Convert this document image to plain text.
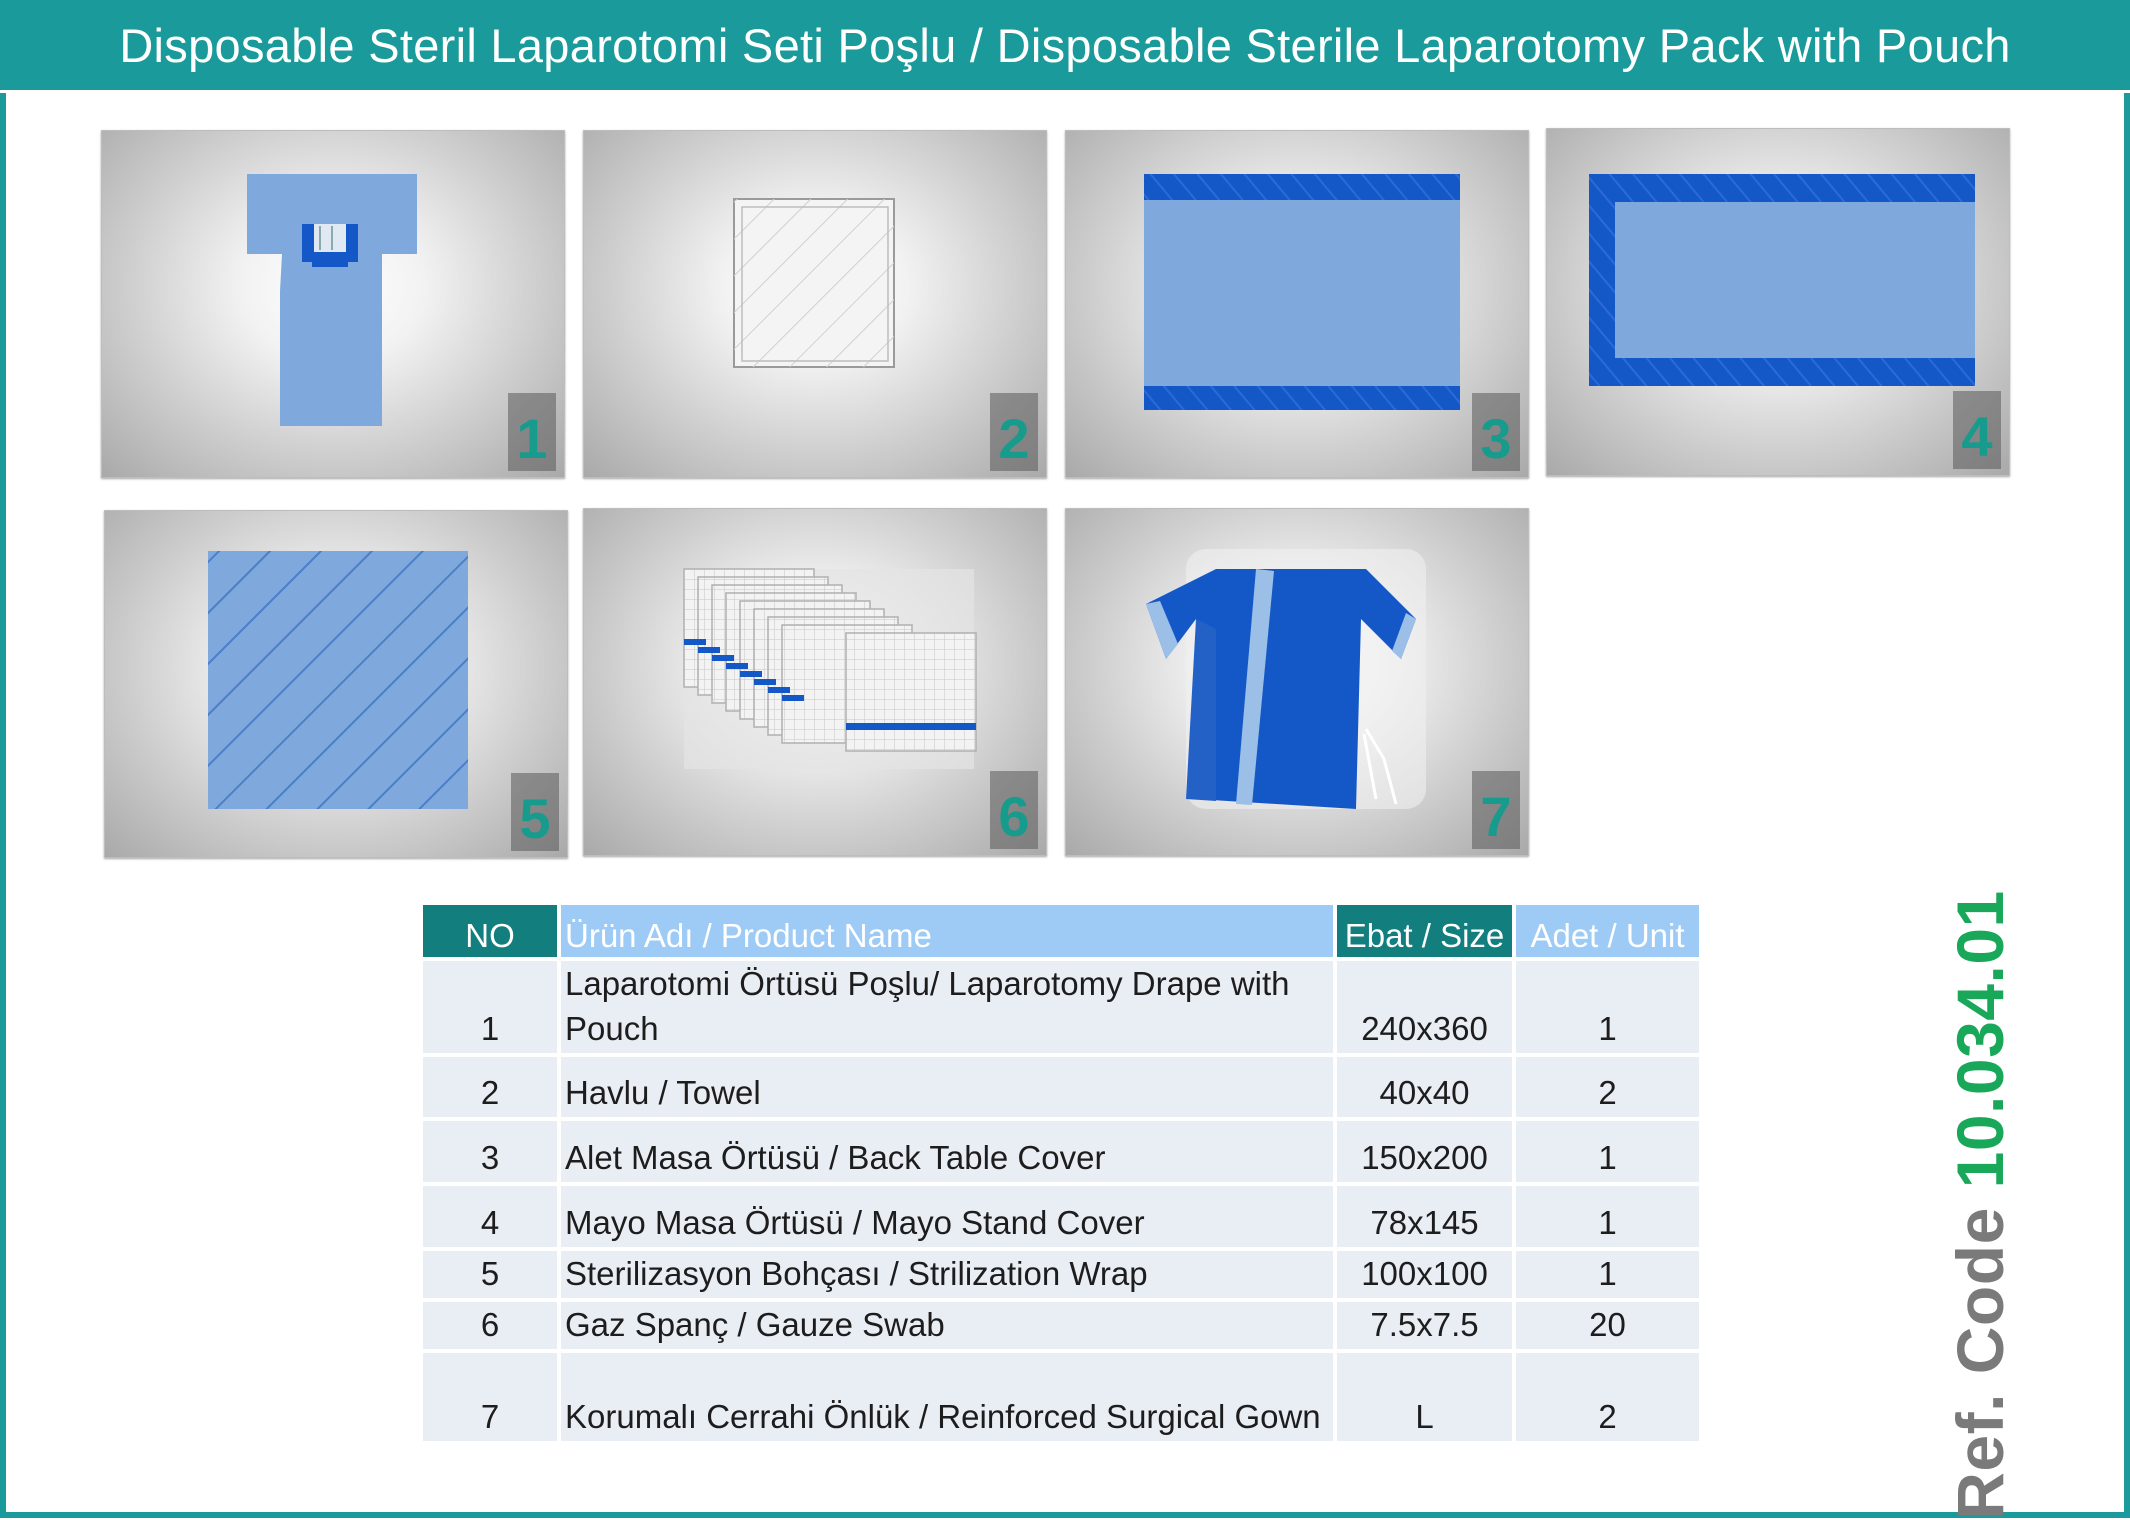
Disposable Steril Laparotomi Seti Poşlu / Disposable Sterile Laparotomy Pack with Pouch
1	2	3	4
5	6	7
NO	Ürün Adı / Product Name	Ebat / Size	Adet / Unit
1	Laparotomi Örtüsü Poşlu/ Laparotomy Drape with Pouch	240x360	1
2	Havlu / Towel	40x40	2
3	Alet Masa Örtüsü / Back Table Cover	150x200	1
4	Mayo Masa Örtüsü / Mayo Stand Cover	78x145	1
5	Sterilizasyon Bohçası / Strilization Wrap	100x100	1
6	Gaz Spanç / Gauze Swab	7.5x7.5	20
7	Korumalı Cerrahi Önlük / Reinforced Surgical Gown	L	2	Ref. Code 10.034.01
